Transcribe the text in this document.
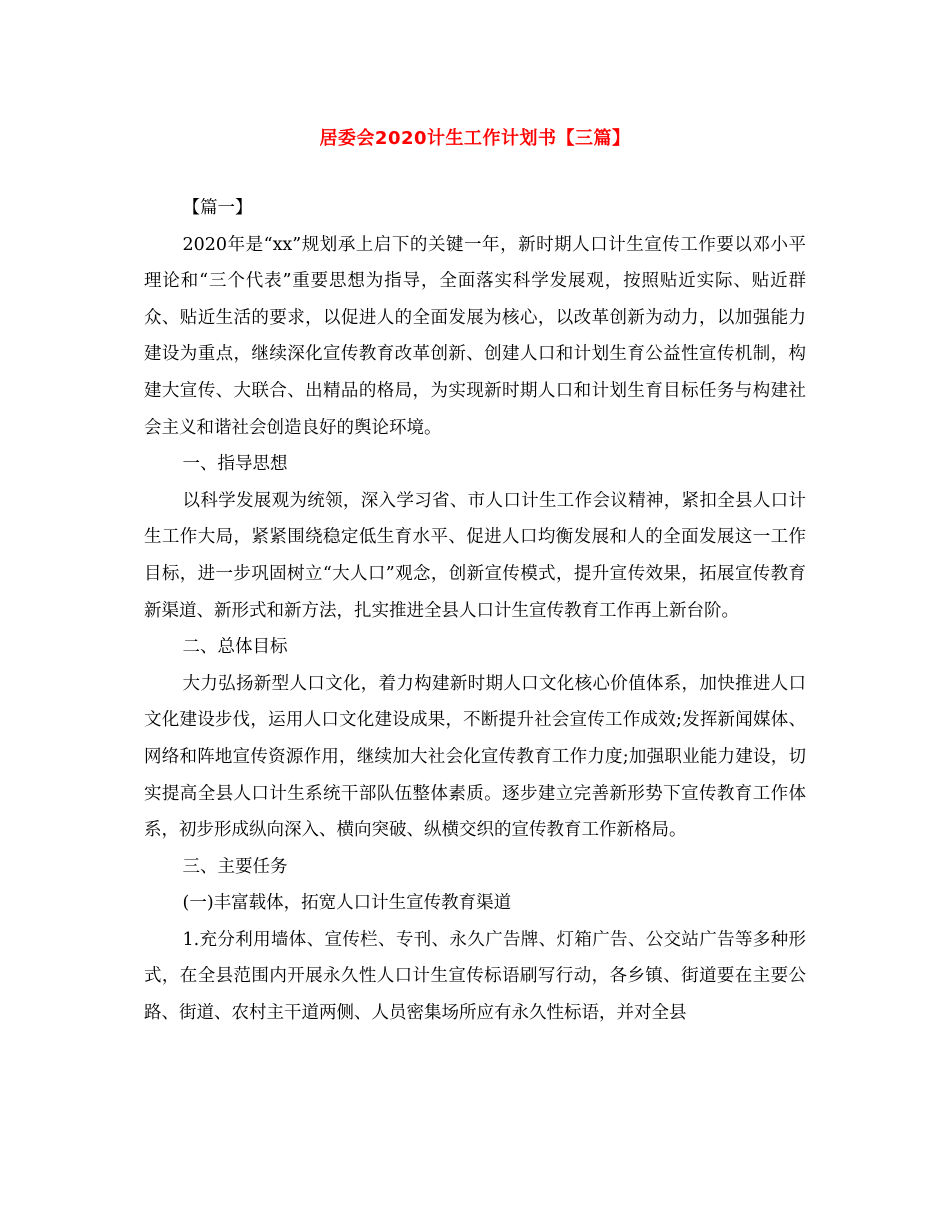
居委会2020计生工作计划书【三篇】

【篇一】

2020年是“xx”规划承上启下的关键一年，新时期人口计生宣传工作要以邓小平理论和“三个代表”重要思想为指导，全面落实科学发展观，按照贴近实际、贴近群众、贴近生活的要求，以促进人的全面发展为核心，以改革创新为动力，以加强能力建设为重点，继续深化宣传教育改革创新、创建人口和计划生育公益性宣传机制，构建大宣传、大联合、出精品的格局，为实现新时期人口和计划生育目标任务与构建社会主义和谐社会创造良好的舆论环境。

一、指导思想

以科学发展观为统领，深入学习省、市人口计生工作会议精神，紧扣全县人口计生工作大局，紧紧围绕稳定低生育水平、促进人口均衡发展和人的全面发展这一工作目标，进一步巩固树立“大人口”观念，创新宣传模式，提升宣传效果，拓展宣传教育新渠道、新形式和新方法，扎实推进全县人口计生宣传教育工作再上新台阶。

二、总体目标

大力弘扬新型人口文化，着力构建新时期人口文化核心价值体系，加快推进人口文化建设步伐，运用人口文化建设成果，不断提升社会宣传工作成效;发挥新闻媒体、网络和阵地宣传资源作用，继续加大社会化宣传教育工作力度;加强职业能力建设，切实提高全县人口计生系统干部队伍整体素质。逐步建立完善新形势下宣传教育工作体系，初步形成纵向深入、横向突破、纵横交织的宣传教育工作新格局。

三、主要任务

(一)丰富载体，拓宽人口计生宣传教育渠道

1.充分利用墙体、宣传栏、专刊、永久广告牌、灯箱广告、公交站广告等多种形式，在全县范围内开展永久性人口计生宣传标语刷写行动，各乡镇、街道要在主要公路、街道、农村主干道两侧、人员密集场所应有永久性标语，并对全县
